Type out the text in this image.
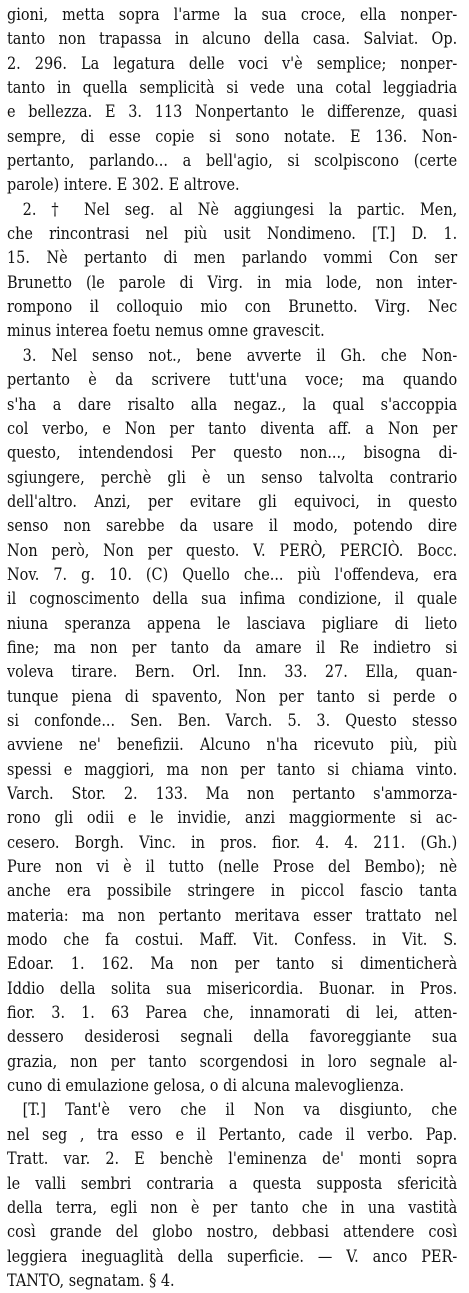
gioni, metta sopra l'arme la sua croce, ella nonper-
tanto non trapassa in alcuno della casa. Salviat. Op.
2. 296. La legatura delle voci v'è semplice; nonper-
tanto in quella semplicità si vede una cotal leggiadria
e bellezza. E 3. 113 Nonpertanto le differenze, quasi
sempre, di esse copie si sono notate. E 136. Non-
pertanto, parlando... a bell'agio, si scolpiscono (certe
parole) intere. E 302. E altrove.
2. † Nel seg. al Nè aggiungesi la partic. Men,
che rincontrasi nel più usit Nondimeno. [T.] D. 1.
15. Nè pertanto di men parlando vommi Con ser
Brunetto (le parole di Virg. in mia lode, non inter-
rompono il colloquio mio con Brunetto. Virg. Nec
minus interea foetu nemus omne gravescit.
3. Nel senso not., bene avverte il Gh. che Non-
pertanto è da scrivere tutt'una voce; ma quando
s'ha a dare risalto alla negaz., la qual s'accoppia
col verbo, e Non per tanto diventa aff. a Non per
questo, intendendosi Per questo non..., bisogna di-
sgiungere, perchè gli è un senso talvolta contrario
dell'altro. Anzi, per evitare gli equivoci, in questo
senso non sarebbe da usare il modo, potendo dire
Non però, Non per questo. V. PERÒ, PERCIÒ. Bocc.
Nov. 7. g. 10. (C) Quello che... più l'offendeva, era
il cognoscimento della sua infima condizione, il quale
niuna speranza appena le lasciava pigliare di lieto
fine; ma non per tanto da amare il Re indietro si
voleva tirare. Bern. Orl. Inn. 33. 27. Ella, quan-
tunque piena di spavento, Non per tanto si perde o
si confonde... Sen. Ben. Varch. 5. 3. Questo stesso
avviene ne' benefizii. Alcuno n'ha ricevuto più, più
spessi e maggiori, ma non per tanto si chiama vinto.
Varch. Stor. 2. 133. Ma non pertanto s'ammorza-
rono gli odii e le invidie, anzi maggiormente si ac-
cesero. Borgh. Vinc. in pros. fior. 4. 4. 211. (Gh.)
Pure non vi è il tutto (nelle Prose del Bembo); nè
anche era possibile stringere in piccol fascio tanta
materia: ma non pertanto meritava esser trattato nel
modo che fa costui. Maff. Vit. Confess. in Vit. S.
Edoar. 1. 162. Ma non per tanto si dimenticherà
Iddio della solita sua misericordia. Buonar. in Pros.
fior. 3. 1. 63 Parea che, innamorati di lei, atten-
dessero desiderosi segnali della favoreggiante sua
grazia, non per tanto scorgendosi in loro segnale al-
cuno di emulazione gelosa, o di alcuna malevoglienza.
[T.] Tant'è vero che il Non va disgiunto, che
nel seg , tra esso e il Pertanto, cade il verbo. Pap.
Tratt. var. 2. E benchè l'eminenza de' monti sopra
le valli sembri contraria a questa supposta sfericità
della terra, egli non è per tanto che in una vastità
così grande del globo nostro, debbasi attendere così
leggiera ineguaglità della superficie. — V. anco PER-
TANTO, segnatam. § 4.
